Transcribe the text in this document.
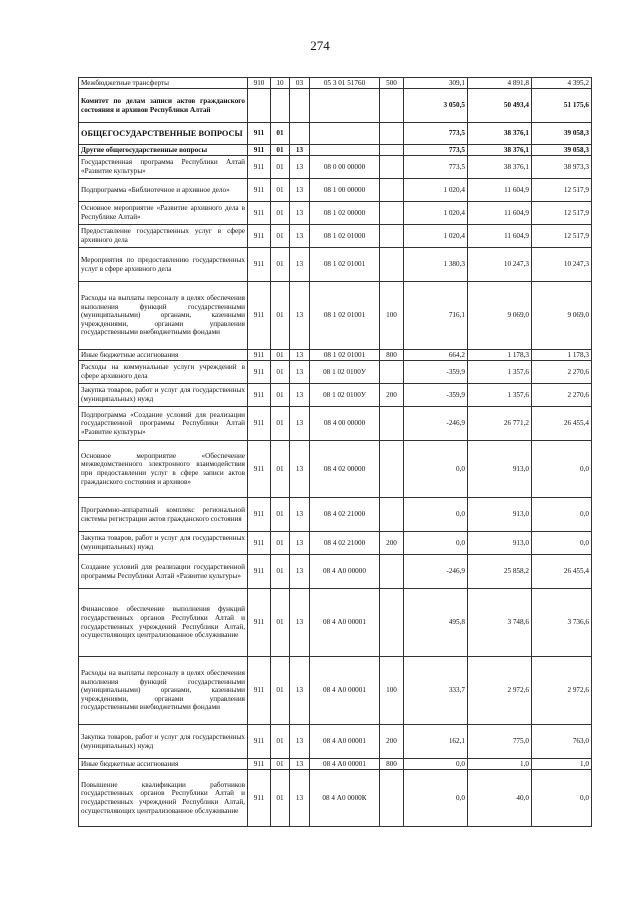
274
Межбюджетные трансферты	910	10	03	05 3 01 51760	500	309,1	4 891,8	4 395,2
Комитет по делам записи актов гражданского состояния и архивов Республики Алтай						3 050,5	50 493,4	51 175,6
ОБЩЕГОСУДАРСТВЕННЫЕ ВОПРОСЫ	911	01				773,5	38 376,1	39 058,3
Другие общегосударственные вопросы	911	01	13			773,5	38 376,1	39 058,3
Государственная программа Республики Алтай «Развитие культуры»	911	01	13	08 0 00 00000		773,5	38 376,1	38 973,3
Подпрограмма «Библиотечное и архивное дело»	911	01	13	08 1 00 00000		1 020,4	11 604,9	12 517,9
Основное мероприятие «Развитие архивного дела в Республике Алтай»	911	01	13	08 1 02 00000		1 020,4	11 604,9	12 517,9
Предоставление государственных услуг в сфере архивного дела	911	01	13	08 1 02 01000		1 020,4	11 604,9	12 517,9
Мероприятия по предоставлению государственных услуг в сфере архивного дела	911	01	13	08 1 02 01001		1 380,3	10 247,3	10 247,3
Расходы на выплаты персоналу в целях обеспечения выполнения функций государственными (муниципальными) органами, казенными учреждениями, органами управления государственными внебюджетными фондами	911	01	13	08 1 02 01001	100	716,1	9 069,0	9 069,0
Иные бюджетные ассигнования	911	01	13	08 1 02 01001	800	664,2	1 178,3	1 178,3
Расходы на коммунальные услуги учреждений в сфере архивного дела	911	01	13	08 1 02 0100У		-359,9	1 357,6	2 270,6
Закупка товаров, работ и услуг для государственных (муниципальных) нужд	911	01	13	08 1 02 0100У	200	-359,9	1 357,6	2 270,6
Подпрограмма «Создание условий для реализации государственной программы Республики Алтай «Развитие культуры»	911	01	13	08 4 00 00000		-246,9	26 771,2	26 455,4
Основное мероприятие «Обеспечение межведомственного электронного взаимодействия при предоставлении услуг в сфере записи актов гражданского состояния и архивов»	911	01	13	08 4 02 00000		0,0	913,0	0,0
Программно-аппаратный комплекс региональной системы регистрации актов гражданского состояния	911	01	13	08 4 02 21000		0,0	913,0	0,0
Закупка товаров, работ и услуг для государственных (муниципальных) нужд	911	01	13	08 4 02 21000	200	0,0	913,0	0,0
Создание условий для реализации государственной программы Республики Алтай «Развитие культуры»	911	01	13	08 4 А0 00000		-246,9	25 858,2	26 455,4
Финансовое обеспечение выполнения функций государственных органов Республики Алтай и государственных учреждений Республики Алтай, осуществляющих централизованное обслуживание	911	01	13	08 4 А0 00001		495,8	3 748,6	3 736,6
Расходы на выплаты персоналу в целях обеспечения выполнения функций государственными (муниципальными) органами, казенными учреждениями, органами управления государственными внебюджетными фондами	911	01	13	08 4 А0 00001	100	333,7	2 972,6	2 972,6
Закупка товаров, работ и услуг для государственных (муниципальных) нужд	911	01	13	08 4 А0 00001	200	162,1	775,0	763,0
Иные бюджетные ассигнования	911	01	13	08 4 А0 00001	800	0,0	1,0	1,0
Повышение квалификации работников государственных органов Республики Алтай и государственных учреждений Республики Алтай, осуществляющих централизованное обслуживание	911	01	13	08 4 А0 0000К		0,0	40,0	0,0
